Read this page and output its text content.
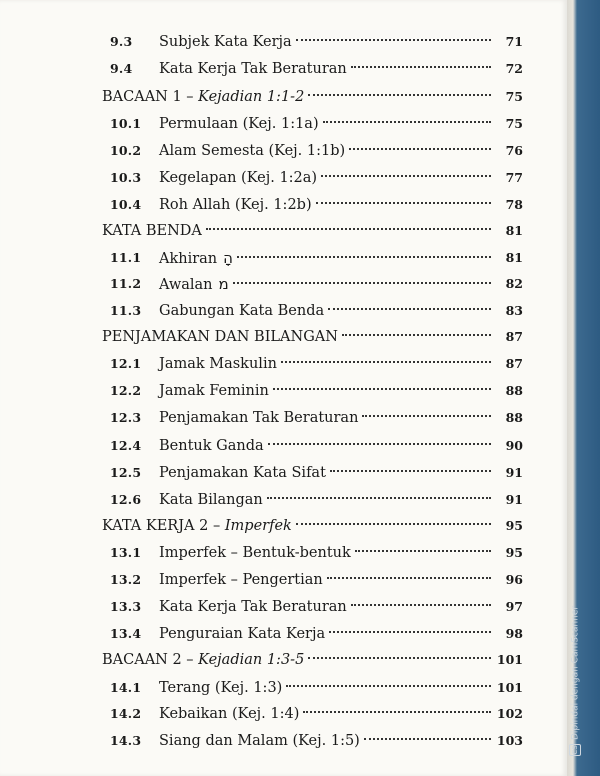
9.3 Subjek Kata Kerja	71
9.4 Kata Kerja Tak Beraturan	72
BACAAN 1 – Kejadian 1:1-2	75
10.1 Permulaan (Kej. 1:1a)	75
10.2 Alam Semesta (Kej. 1:1b)	76
10.3 Kegelapan (Kej. 1:2a)	77
10.4 Roh Allah (Kej. 1:2b)	78
KATA BENDA	81
11.1 Akhiran הָ	81
11.2 Awalan מ	82
11.3 Gabungan Kata Benda	83
PENJAMAKAN DAN BILANGAN	87
12.1 Jamak Maskulin	87
12.2 Jamak Feminin	88
12.3 Penjamakan Tak Beraturan	88
12.4 Bentuk Ganda	90
12.5 Penjamakan Kata Sifat	91
12.6 Kata Bilangan	91
KATA KERJA 2 – Imperfek	95
13.1 Imperfek – Bentuk-bentuk	95
13.2 Imperfek – Pengertian	96
13.3 Kata Kerja Tak Beraturan	97
13.4 Penguraian Kata Kerja	98
BACAAN 2 – Kejadian 1:3-5	101
14.1 Terang (Kej. 1:3)	101
14.2 Kebaikan (Kej. 1:4)	102
14.3 Siang dan Malam (Kej. 1:5)	103
CSDipindai dengan CamScanner
